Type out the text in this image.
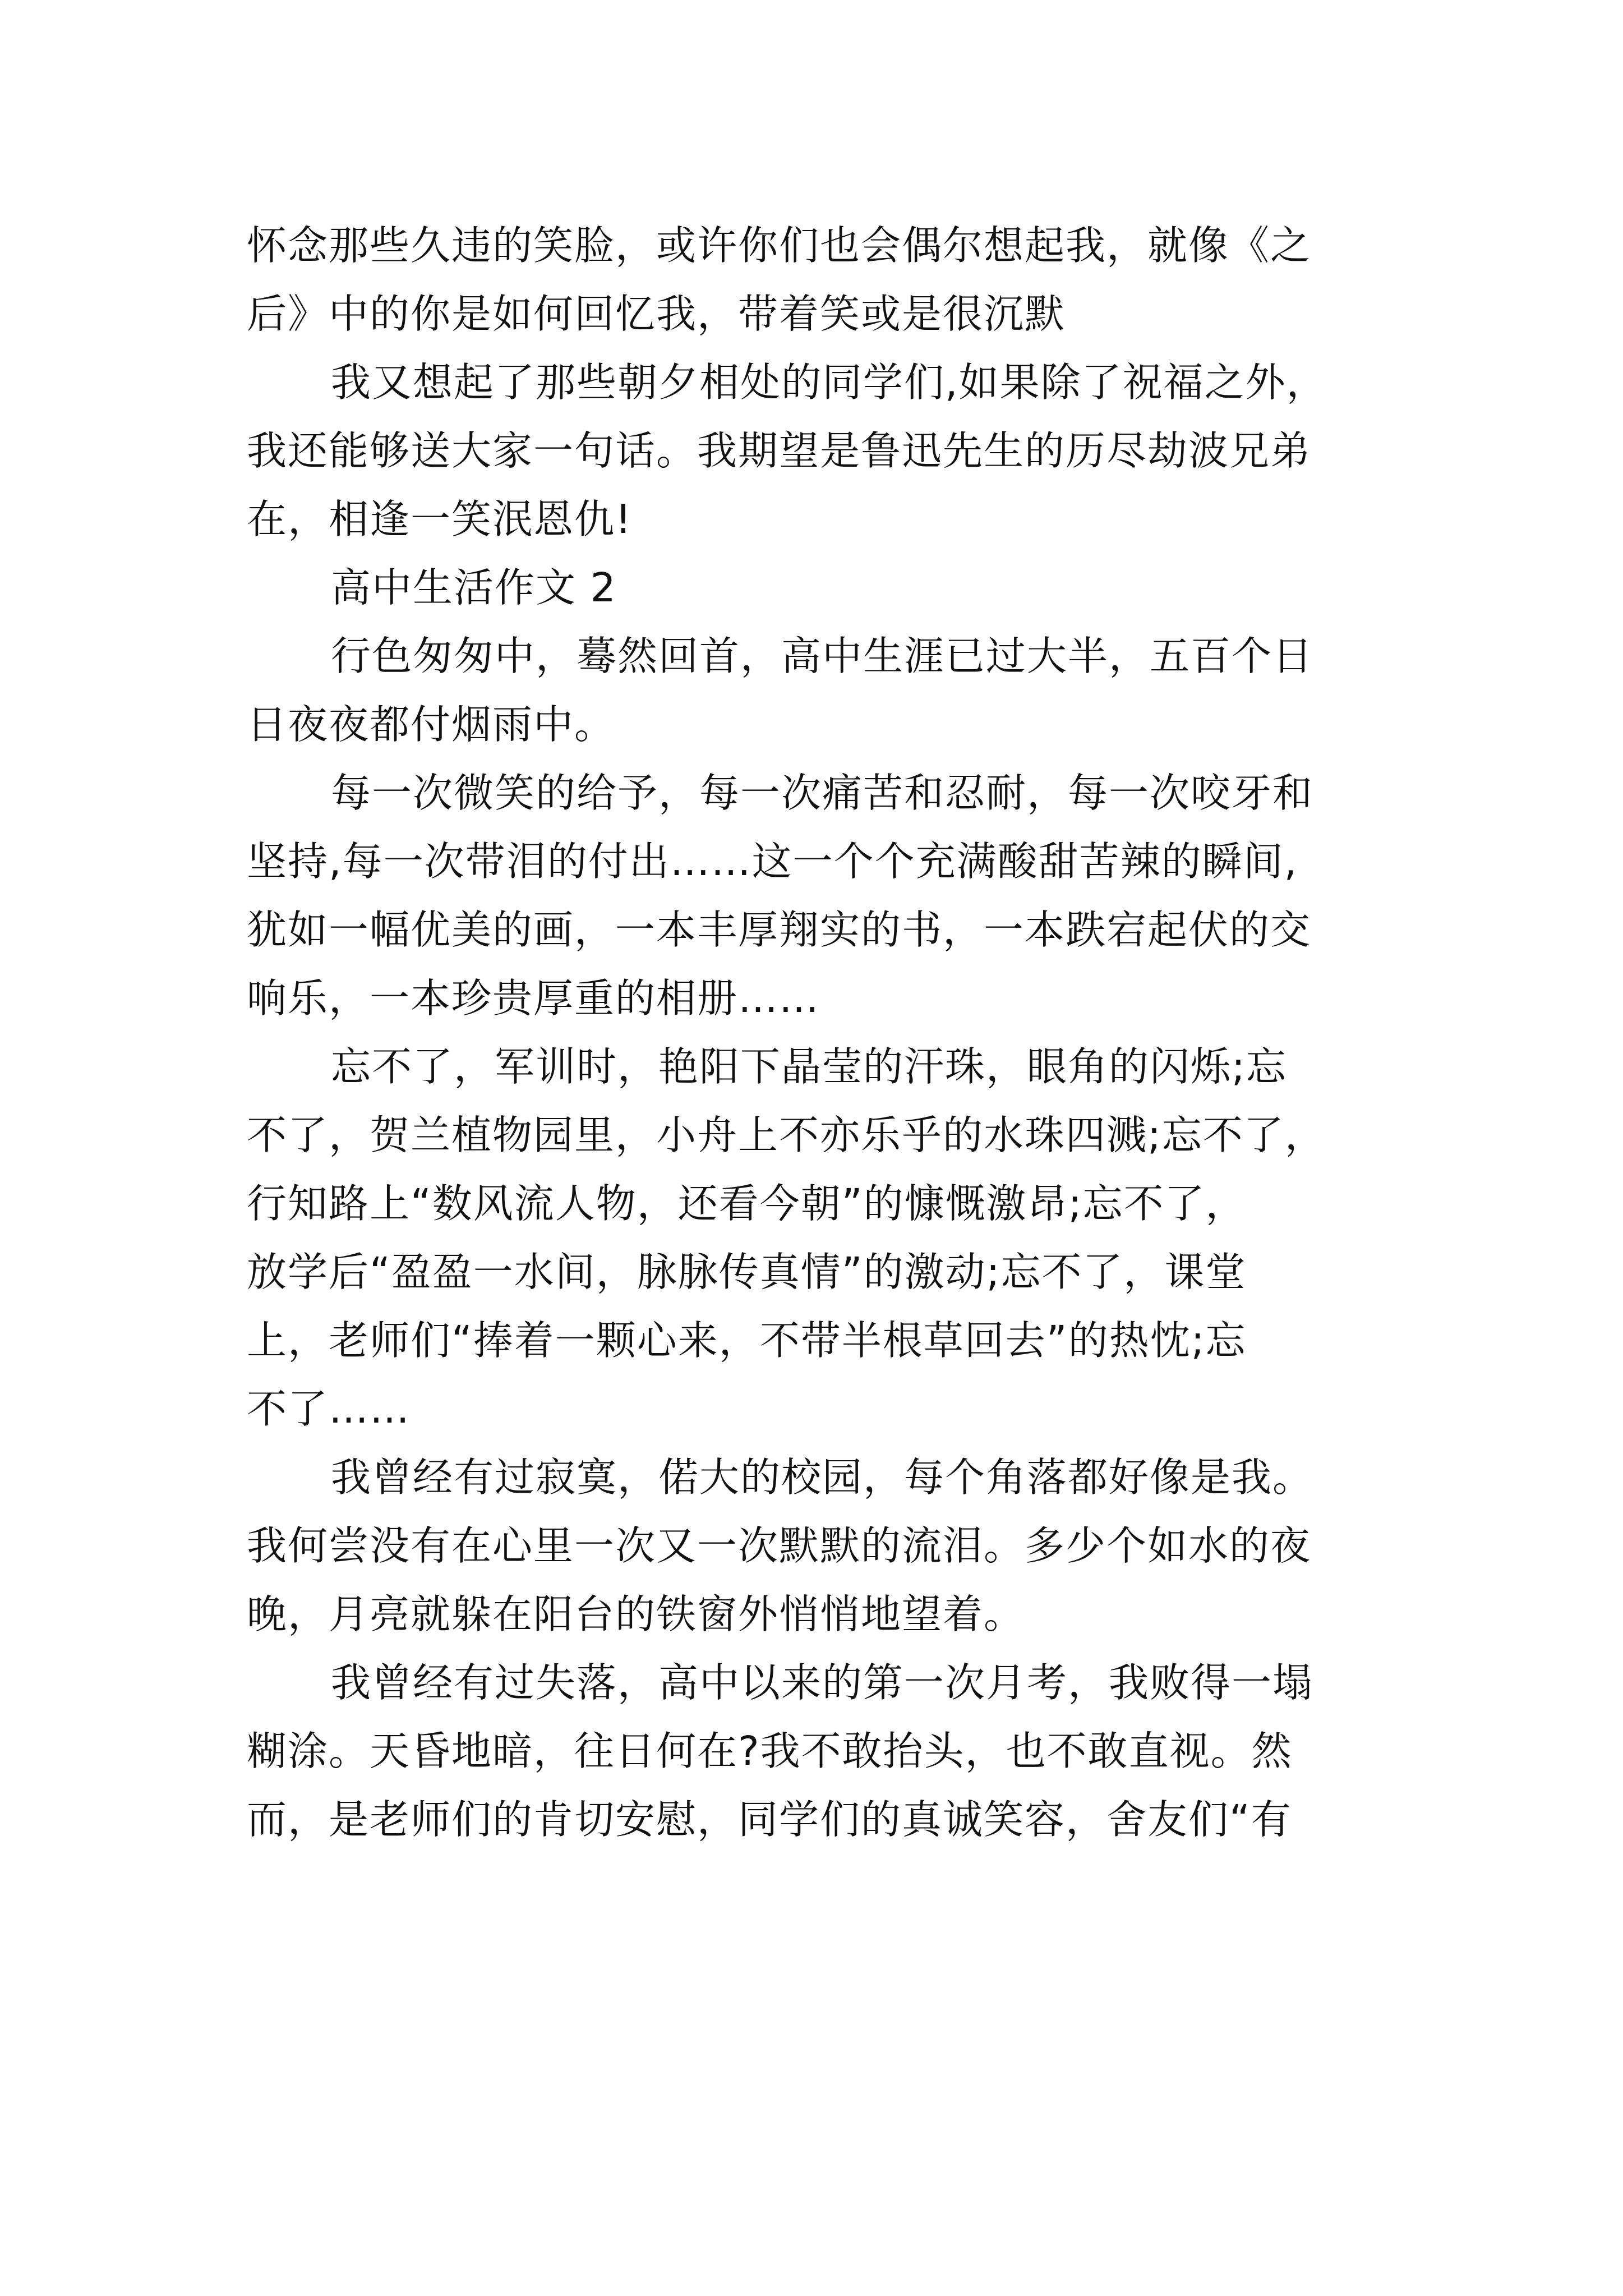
怀念那些久违的笑脸，或许你们也会偶尔想起我，就像《之

后》中的你是如何回忆我，带着笑或是很沉默

我又想起了那些朝夕相处的同学们,如果除了祝福之外，

我还能够送大家一句话。我期望是鲁迅先生的历尽劫波兄弟

在，相逢一笑泯恩仇!

高中生活作文 2

行色匆匆中，蓦然回首，高中生涯已过大半，五百个日

日夜夜都付烟雨中。

每一次微笑的给予，每一次痛苦和忍耐，每一次咬牙和

坚持,每一次带泪的付出……这一个个充满酸甜苦辣的瞬间,

犹如一幅优美的画，一本丰厚翔实的书，一本跌宕起伏的交

响乐，一本珍贵厚重的相册……

忘不了，军训时，艳阳下晶莹的汗珠，眼角的闪烁;忘

不了，贺兰植物园里，小舟上不亦乐乎的水珠四溅;忘不了，

行知路上“数风流人物，还看今朝”的慷慨激昂;忘不了，

放学后“盈盈一水间，脉脉传真情”的激动;忘不了，课堂

上，老师们“捧着一颗心来，不带半根草回去”的热忱;忘

不了……

我曾经有过寂寞，偌大的校园，每个角落都好像是我。

我何尝没有在心里一次又一次默默的流泪。多少个如水的夜

晚，月亮就躲在阳台的铁窗外悄悄地望着。

我曾经有过失落，高中以来的第一次月考，我败得一塌

糊涂。天昏地暗，往日何在?我不敢抬头，也不敢直视。然

而，是老师们的肯切安慰，同学们的真诚笑容，舍友们“有
